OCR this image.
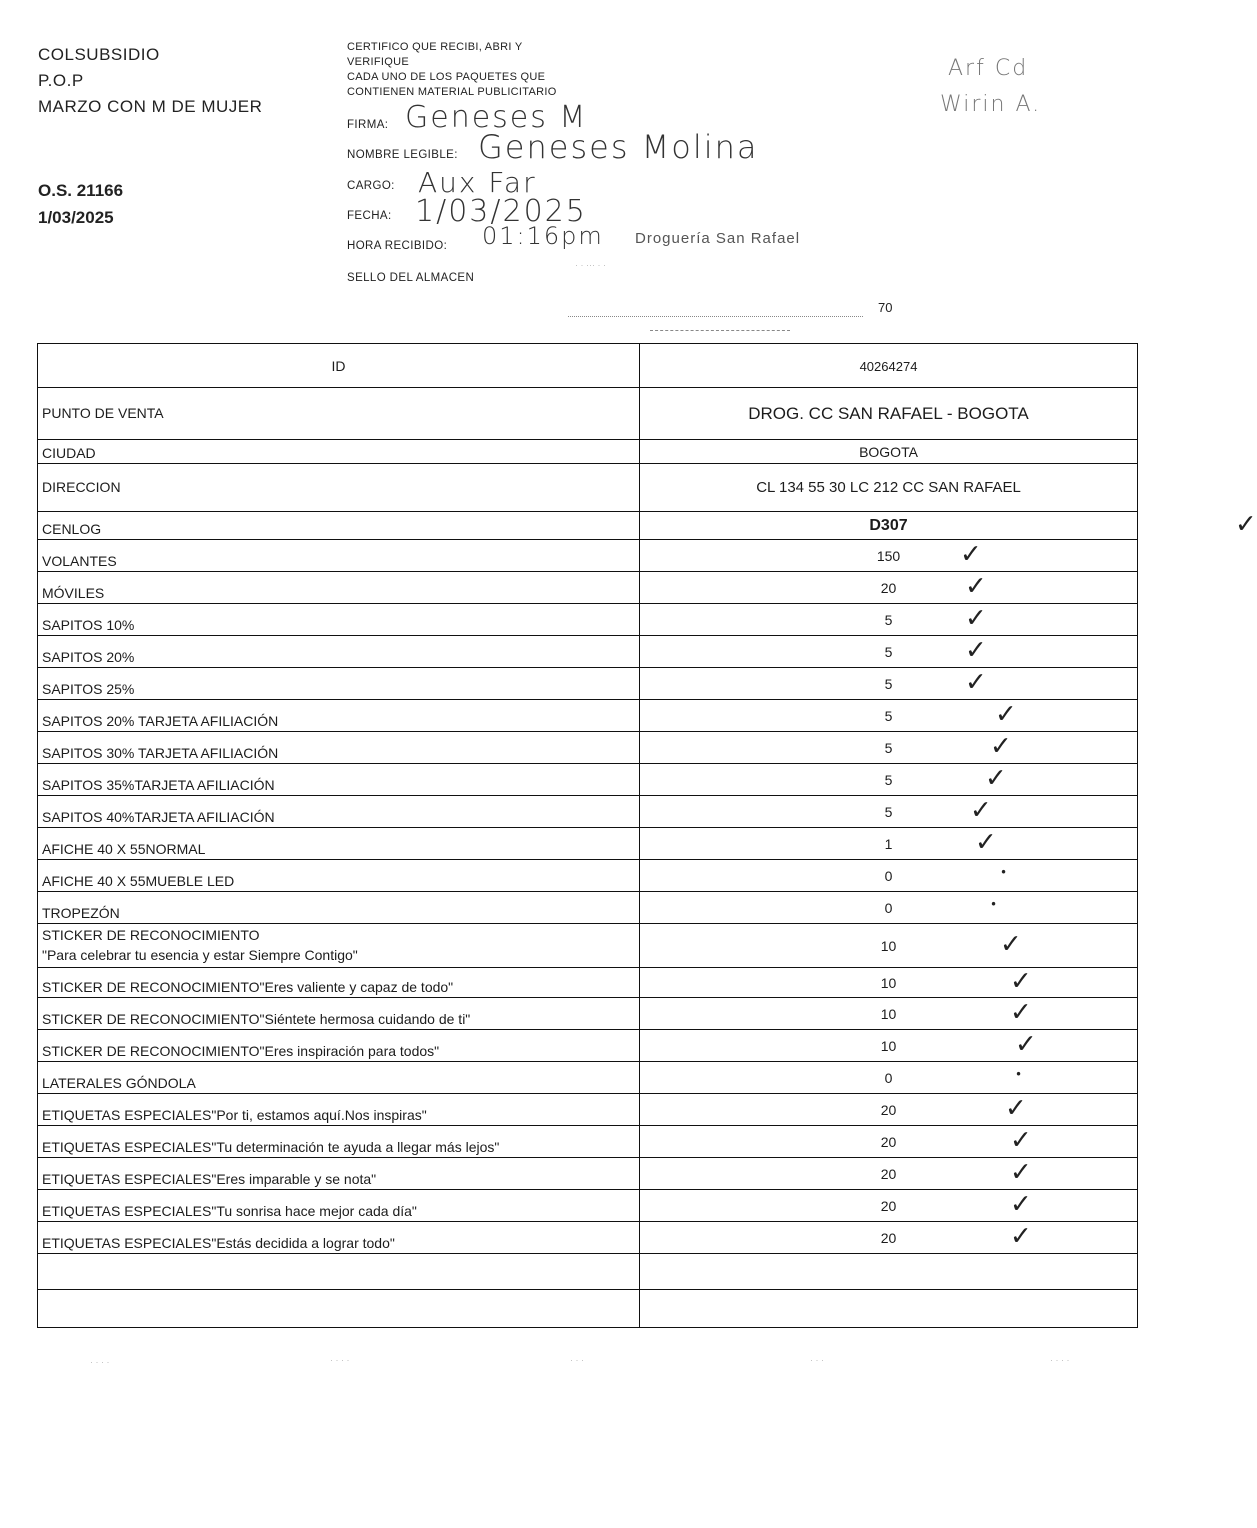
COLSUBSIDIO
P.O.P
MARZO CON M DE MUJER
O.S. 21166
1/03/2025
CERTIFICO QUE RECIBI, ABRI Y
VERIFIQUE
CADA UNO DE LOS PAQUETES QUE
CONTIENEN MATERIAL PUBLICITARIO
FIRMA: Geneses M
NOMBRE LEGIBLE: Geneses Molina
CARGO: Aux Far
FECHA: 1/03/2025
HORA RECIBIDO: 01:16pm Droguería San Rafael
SELLO DEL ALMACEN
· · ··· · ·
Arf Cd
Wirin A.
70
ID	40264274
PUNTO DE VENTA	DROG. CC SAN RAFAEL - BOGOTA
CIUDAD	BOGOTA
DIRECCION	CL 134 55 30 LC 212 CC SAN RAFAEL
CENLOG	D307 ✓

VOLANTES	150 ✓

MÓVILES	20 ✓

SAPITOS 10%	5 ✓

SAPITOS 20%	5 ✓

SAPITOS 25%	5 ✓

SAPITOS 20% TARJETA AFILIACIÓN	5 ✓

SAPITOS 30% TARJETA AFILIACIÓN	5 ✓

SAPITOS 35%TARJETA AFILIACIÓN	5 ✓

SAPITOS 40%TARJETA AFILIACIÓN	5 ✓

AFICHE 40 X 55NORMAL	1 ✓

AFICHE 40 X 55MUEBLE LED	0 •

TROPEZÓN	0 •

STICKER DE RECONOCIMIENTO
"Para celebrar tu esencia y estar Siempre Contigo"	10 ✓

STICKER DE RECONOCIMIENTO"Eres valiente y capaz de todo"	10 ✓

STICKER DE RECONOCIMIENTO"Siéntete hermosa cuidando de ti"	10 ✓

STICKER DE RECONOCIMIENTO"Eres inspiración para todos"	10 ✓

LATERALES GÓNDOLA	0 •

ETIQUETAS ESPECIALES"Por ti, estamos aquí.Nos inspiras"	20 ✓

ETIQUETAS ESPECIALES"Tu determinación te ayuda a llegar más lejos"	20 ✓

ETIQUETAS ESPECIALES"Eres imparable y se nota"	20 ✓

ETIQUETAS ESPECIALES"Tu sonrisa hace mejor cada día"	20 ✓

ETIQUETAS ESPECIALES"Estás decidida a lograr todo"	20 ✓

· · · ·	· · · ·	· · ·	· · ·	· · · ·
